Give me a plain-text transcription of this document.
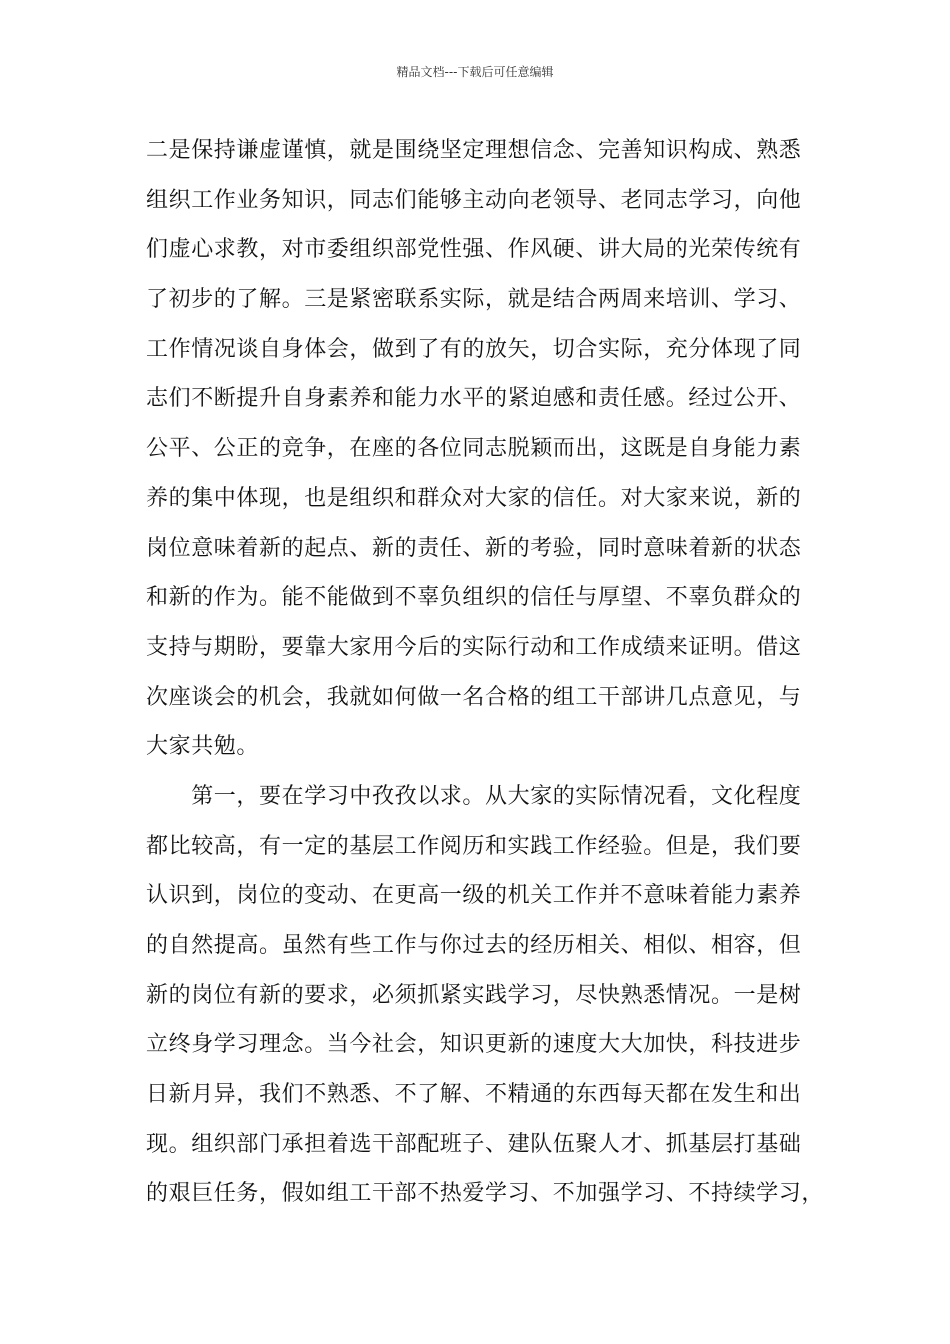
精品文档---下载后可任意编辑
二是保持谦虚谨慎，就是围绕坚定理想信念、完善知识构成、熟悉
组织工作业务知识，同志们能够主动向老领导、老同志学习，向他
们虚心求教，对市委组织部党性强、作风硬、讲大局的光荣传统有
了初步的了解。三是紧密联系实际，就是结合两周来培训、学习、
工作情况谈自身体会，做到了有的放矢，切合实际，充分体现了同
志们不断提升自身素养和能力水平的紧迫感和责任感。经过公开、
公平、公正的竞争，在座的各位同志脱颖而出，这既是自身能力素
养的集中体现，也是组织和群众对大家的信任。对大家来说，新的
岗位意味着新的起点、新的责任、新的考验，同时意味着新的状态
和新的作为。能不能做到不辜负组织的信任与厚望、不辜负群众的
支持与期盼，要靠大家用今后的实际行动和工作成绩来证明。借这
次座谈会的机会，我就如何做一名合格的组工干部讲几点意见，与
大家共勉。
　　第一，要在学习中孜孜以求。从大家的实际情况看，文化程度
都比较高，有一定的基层工作阅历和实践工作经验。但是，我们要
认识到，岗位的变动、在更高一级的机关工作并不意味着能力素养
的自然提高。虽然有些工作与你过去的经历相关、相似、相容，但
新的岗位有新的要求，必须抓紧实践学习，尽快熟悉情况。一是树
立终身学习理念。当今社会，知识更新的速度大大加快，科技进步
日新月异，我们不熟悉、不了解、不精通的东西每天都在发生和出
现。组织部门承担着选干部配班子、建队伍聚人才、抓基层打基础
的艰巨任务，假如组工干部不热爱学习、不加强学习、不持续学习，
